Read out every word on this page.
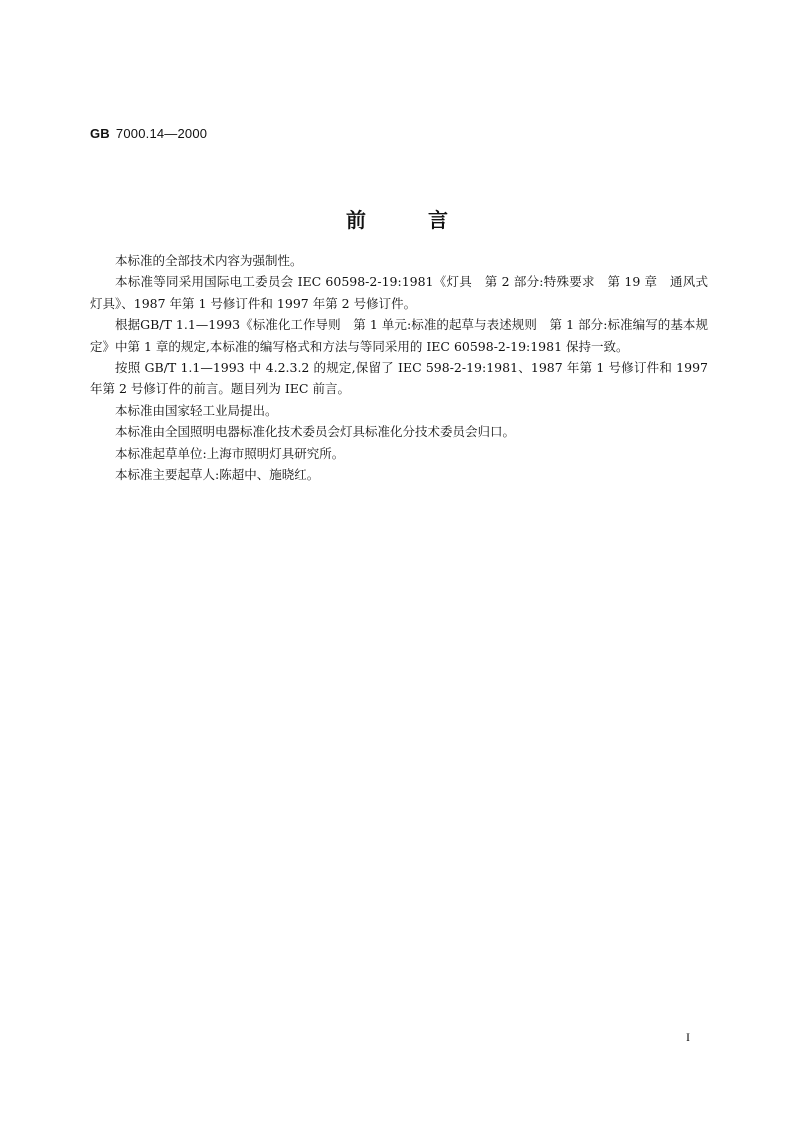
GB 7000.14—2000
前	言

本标准的全部技术内容为强制性。

本标准等同采用国际电工委员会 IEC 60598-2-19:1981《灯具　第 2 部分:特殊要求　第 19 章　通风式灯具》、1987 年第 1 号修订件和 1997 年第 2 号修订件。

根据GB/T 1.1—1993《标准化工作导则　第 1 单元:标准的起草与表述规则　第 1 部分:标准编写的基本规定》中第 1 章的规定,本标准的编写格式和方法与等同采用的 IEC 60598-2-19:1981 保持一致。

按照 GB/T 1.1—1993 中 4.2.3.2 的规定,保留了 IEC 598-2-19:1981、1987 年第 1 号修订件和 1997 年第 2 号修订件的前言。题目列为 IEC 前言。

本标准由国家轻工业局提出。

本标准由全国照明电器标准化技术委员会灯具标准化分技术委员会归口。

本标准起草单位:上海市照明灯具研究所。

本标准主要起草人:陈超中、施晓红。

I
